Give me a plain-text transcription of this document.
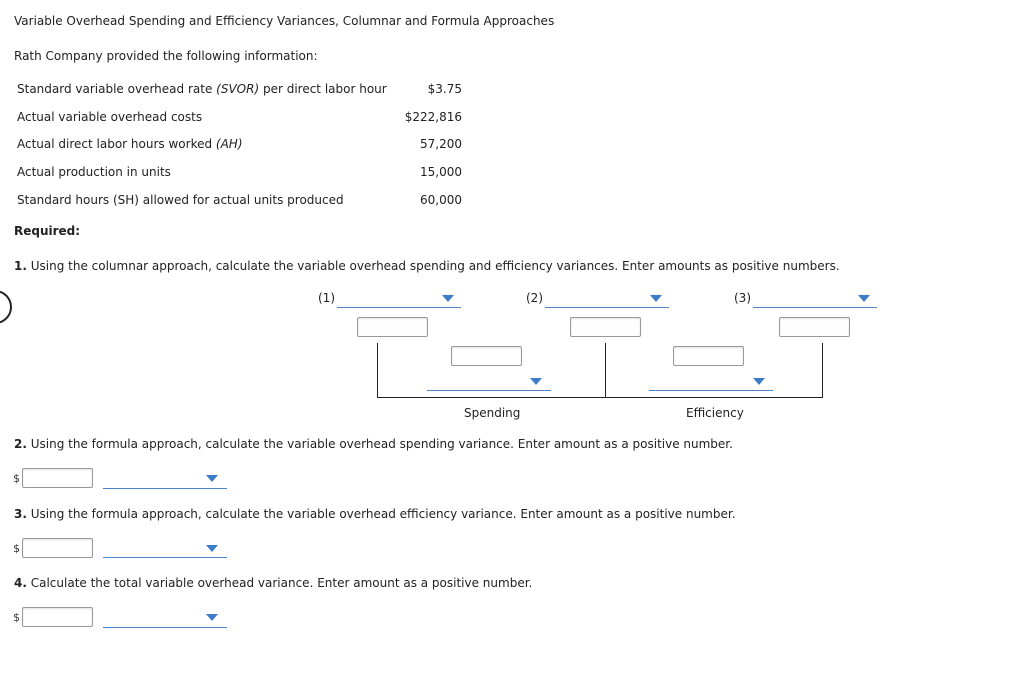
Variable Overhead Spending and Efficiency Variances, Columnar and Formula Approaches
Rath Company provided the following information:
Standard variable overhead rate (SVOR) per direct labor hour	$3.75
Actual variable overhead costs	$222,816
Actual direct labor hours worked (AH)	57,200
Actual production in units	15,000
Standard hours (SH) allowed for actual units produced	60,000
Required:
1. Using the columnar approach, calculate the variable overhead spending and efficiency variances. Enter amounts as positive numbers.
(1)	(2)	(3)
Spending	Efficiency
2. Using the formula approach, calculate the variable overhead spending variance. Enter amount as a positive number.
$
3. Using the formula approach, calculate the variable overhead efficiency variance. Enter amount as a positive number.
$
4. Calculate the total variable overhead variance. Enter amount as a positive number.
$
